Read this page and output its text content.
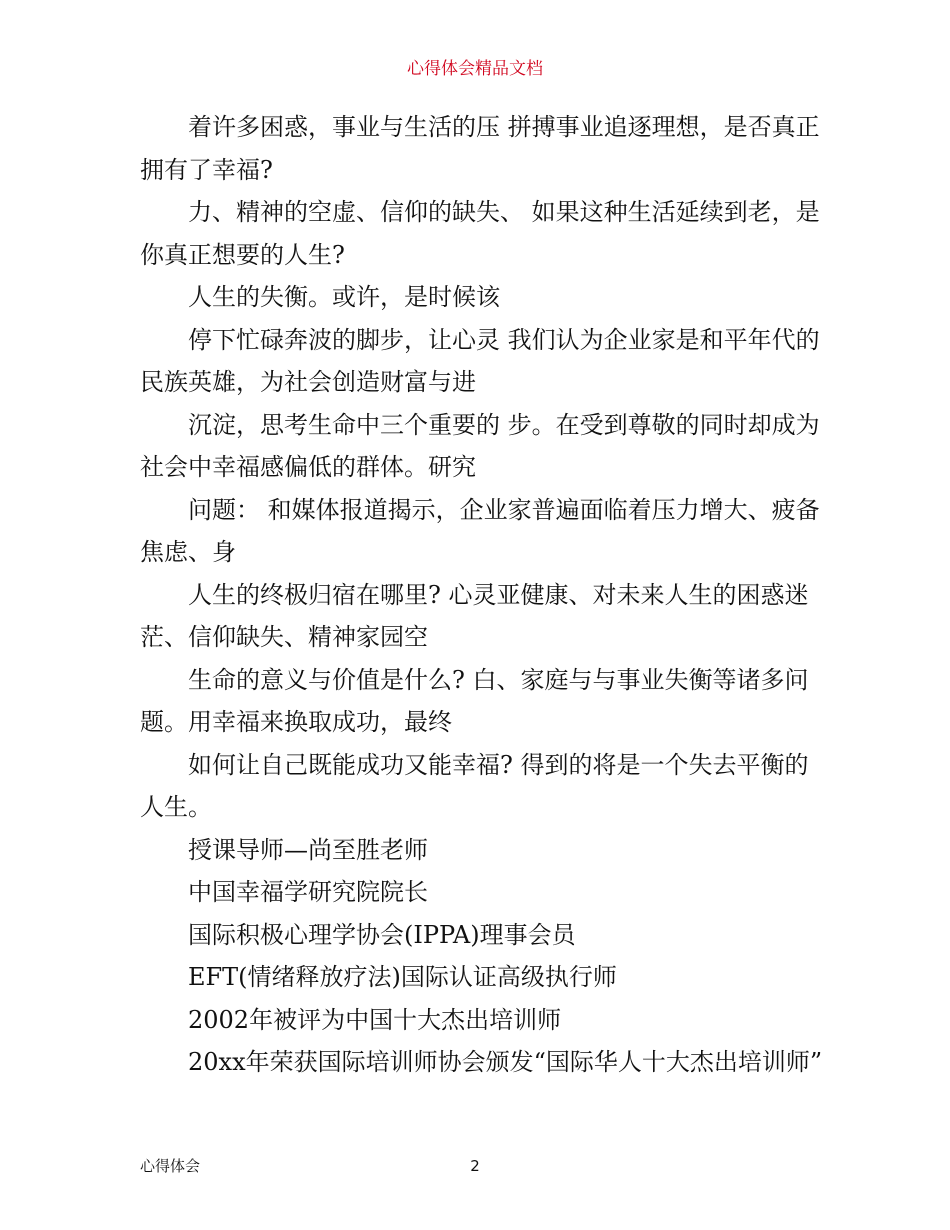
心得体会精品文档

着许多困惑，事业与生活的压 拼搏事业追逐理想，是否真正拥有了幸福?

力、精神的空虚、信仰的缺失、 如果这种生活延续到老，是你真正想要的人生?

人生的失衡。或许，是时候该

停下忙碌奔波的脚步，让心灵 我们认为企业家是和平年代的民族英雄，为社会创造财富与进

沉淀，思考生命中三个重要的 步。在受到尊敬的同时却成为社会中幸福感偏低的群体。研究

问题： 和媒体报道揭示，企业家普遍面临着压力增大、疲备焦虑、身

人生的终极归宿在哪里? 心灵亚健康、对未来人生的困惑迷茫、信仰缺失、精神家园空

生命的意义与价值是什么? 白、家庭与与事业失衡等诸多问题。用幸福来换取成功，最终

如何让自己既能成功又能幸福? 得到的将是一个失去平衡的人生。

授课导师—尚至胜老师

中国幸福学研究院院长

国际积极心理学协会(IPPA)理事会员

EFT(情绪释放疗法)国际认证高级执行师

2002年被评为中国十大杰出培训师

20xx年荣获国际培训师协会颁发“国际华人十大杰出培训师”

心得体会	2
